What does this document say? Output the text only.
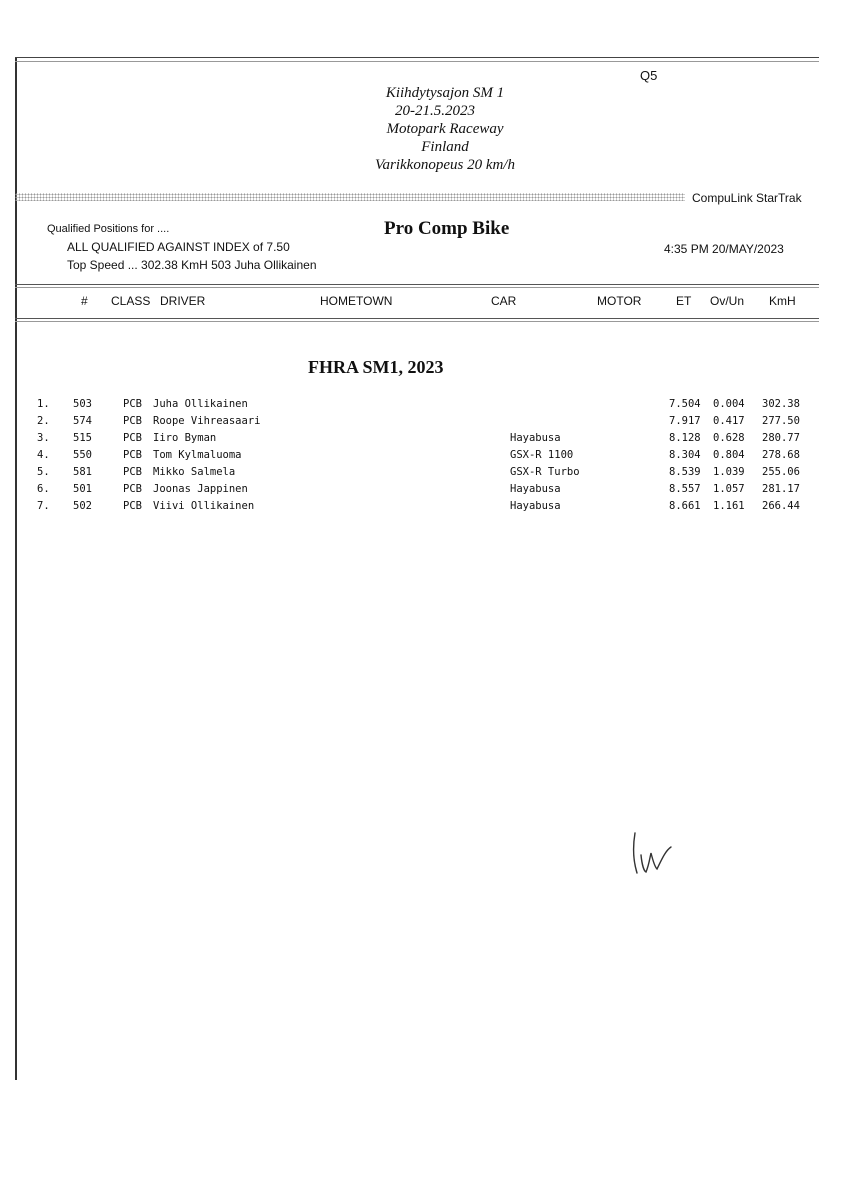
Q5
Kiihdytysajon SM 1
20-21.5.2023
Motopark Raceway
Finland
Varikkonopeus 20 km/h
CompuLink StarTrak
Qualified Positions for ....
ALL QUALIFIED AGAINST INDEX of 7.50
Top Speed ... 302.38 KmH 503 Juha Ollikainen
Pro Comp Bike
4:35 PM 20/MAY/2023
# CLASS DRIVER	HOMETOWN	CAR	MOTOR	ET Ov/Un KmH
FHRA SM1, 2023
1. 503	PCB Juha Ollikainen	7.504 0.004 302.38
2. 574	PCB Roope Vihreasaari	7.917 0.417 277.50
3. 515	PCB Iiro Byman	Hayabusa	8.128 0.628 280.77
4. 550	PCB Tom Kylmaluoma	GSX-R 1100	8.304 0.804 278.68
5. 581	PCB Mikko Salmela	GSX-R Turbo	8.539 1.039 255.06
6. 501	PCB Joonas Jappinen	Hayabusa	8.557 1.057 281.17
7. 502	PCB Viivi Ollikainen	Hayabusa	8.661 1.161 266.44
